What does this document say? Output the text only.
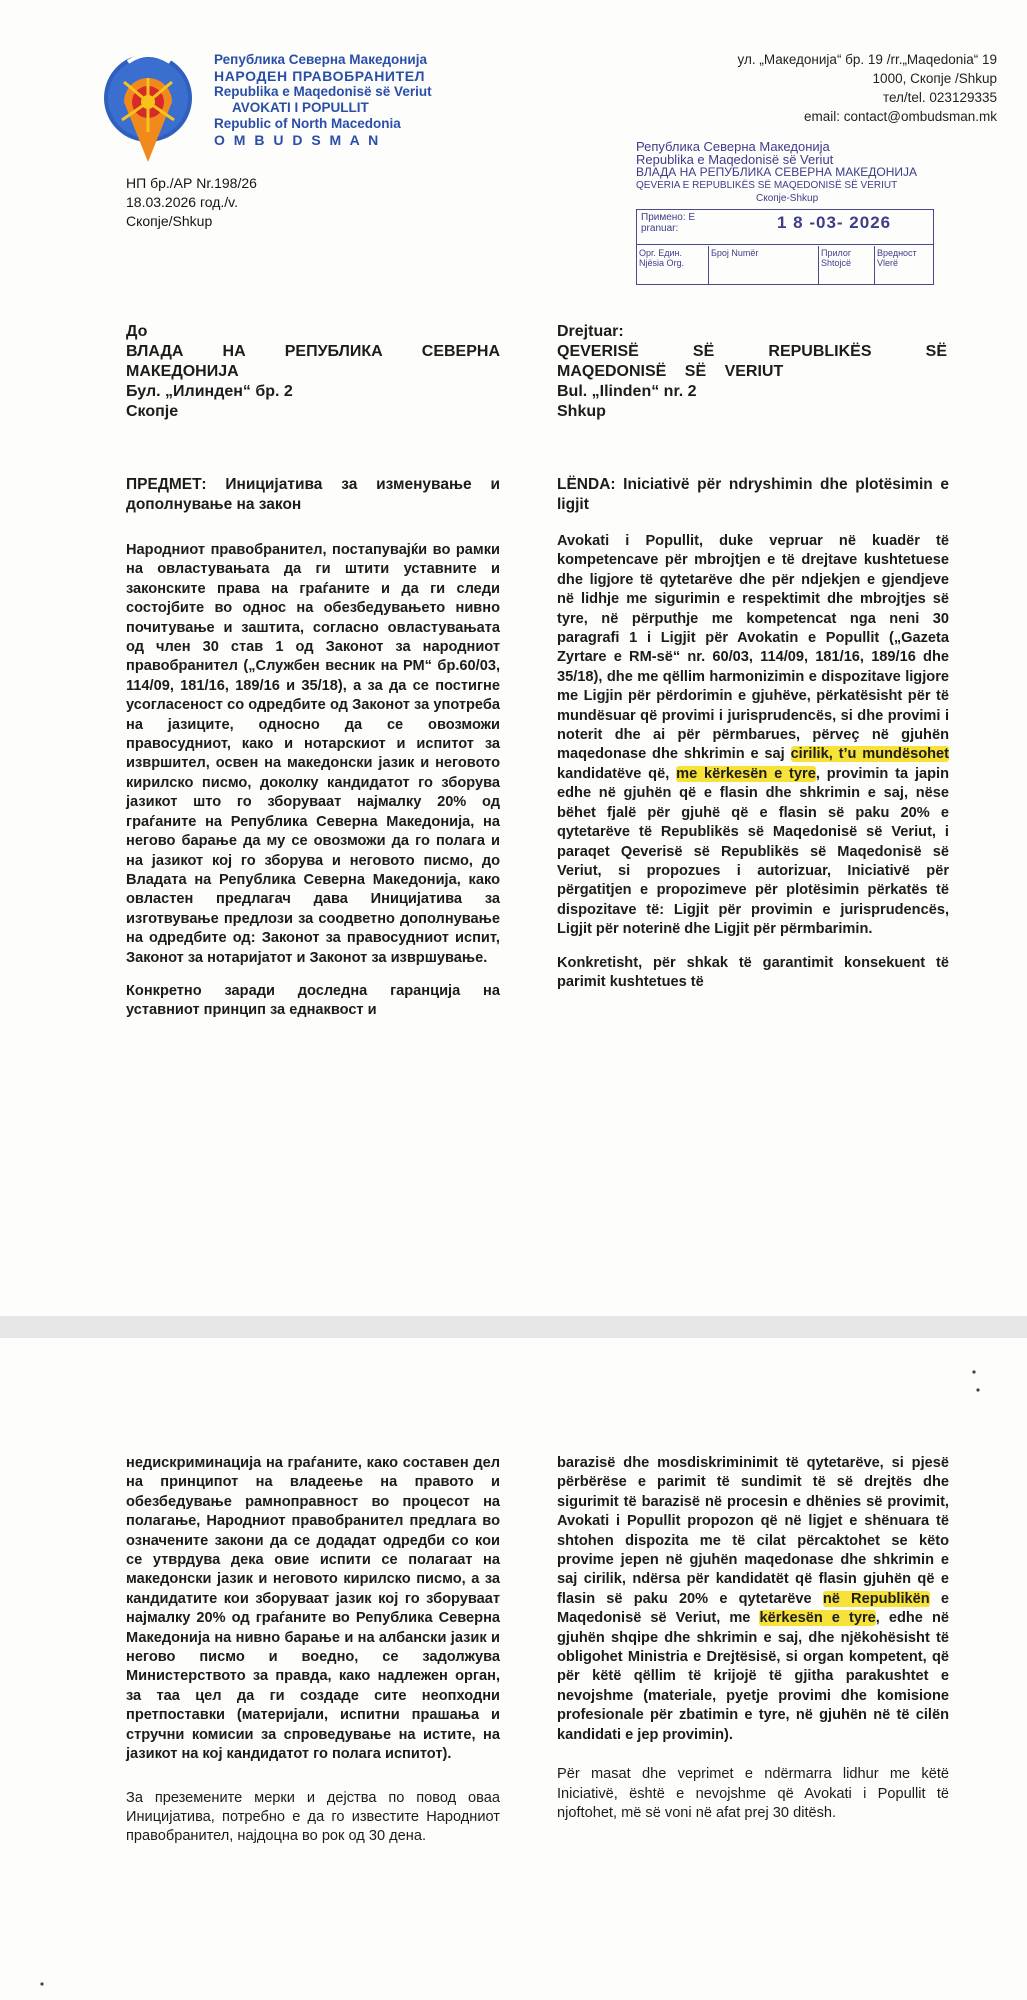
Република Северна Македонија
НАРОДЕН ПРАВОБРАНИТЕЛ
Republika e Maqedonisë së Veriut
AVOKATI I POPULLIT
Republic of North Macedonia
O M B U D S M A N
ул. „Македонија“ бр. 19 /rr.„Maqedonia“ 19
1000, Скопје /Shkup
тел/tel. 023129335
email: contact@ombudsman.mk
НП бр./АР Nr.198/26
18.03.2026 год./v.
Скопје/Shkup
Република Северна Македонија
Republika e Maqedonisë së Veriut
ВЛАДА НА РЕПУБЛИКА СЕВЕРНА МАКЕДОНИЈА
QEVERIA E REPUBLIKËS SË MAQEDONISË SË VERIUT
Скопје-Shkup
Примено: E pranuar:	1 8 -03- 2026
Орг. Един. Njësia Org.
Број Numër	Прилог Shtojcë
Вредност Vlerë
До
ВЛАДА НА РЕПУБЛИКА СЕВЕРНА МАКЕДОНИЈА
Бул. „Илинден“ бр. 2
Скопје
Drejtuar:
QEVERISË SË REPUBLIKËS SË MAQEDONISË SË VERIUT
Bul. „Ilinden“ nr. 2
Shkup
ПРЕДМЕТ: Иницијатива за изменување и дополнување на закон
LËNDA: Iniciativë për ndryshimin dhe plotësimin e ligjit

Народниот правобранител, постапувајќи во рамки на овластувањата да ги штити уставните и законските права на граѓаните и да ги следи состојбите во однос на обезбедувањето нивно почитување и заштита, согласно овластувањата од член 30 став 1 од Законот за народниот правобранител („Службен весник на РМ“ бр.60/03, 114/09, 181/16, 189/16 и 35/18), а за да се постигне усогласеност со одредбите од Законот за употреба на јазиците, односно да се овозможи правосудниот, како и нотарскиот и испитот за извршител, освен на македонски јазик и неговото кирилско писмо, доколку кандидатот го зборува јазикот што го зборуваат најмалку 20% од граѓаните на Република Северна Македонија, на негово барање да му се овозможи да го полага и на јазикот кој го зборува и неговото писмо, до Владата на Република Северна Македонија, како овластен предлагач дава Иницијатива за изготвување предлози за соодветно дополнување на одредбите од: Законот за правосудниот испит, Законот за нотаријатот и Законот за извршување.

Конкретно заради доследна гаранција на уставниот принцип за еднаквост и

Avokati i Popullit, duke vepruar në kuadër të kompetencave për mbrojtjen e të drejtave kushtetuese dhe ligjore të qytetarëve dhe për ndjekjen e gjendjeve në lidhje me sigurimin e respektimit dhe mbrojtjes së tyre, në përputhje me kompetencat nga neni 30 paragrafi 1 i Ligjit për Avokatin e Popullit („Gazeta Zyrtare e RM-së“ nr. 60/03, 114/09, 181/16, 189/16 dhe 35/18), dhe me qëllim harmonizimin e dispozitave ligjore me Ligjin për përdorimin e gjuhëve, përkatësisht për të mundësuar që provimi i jurisprudencës, si dhe provimi i noterit dhe ai për përmbarues, përveç në gjuhën maqedonase dhe shkrimin e saj cirilik, t’u mundësohet kandidatëve që, me kërkesën e tyre, provimin ta japin edhe në gjuhën që e flasin dhe shkrimin e saj, nëse bëhet fjalë për gjuhë që e flasin së paku 20% e qytetarëve të Republikës së Maqedonisë së Veriut, i paraqet Qeverisë së Republikës së Maqedonisë së Veriut, si propozues i autorizuar, Iniciativë për përgatitjen e propozimeve për plotësimin përkatës të dispozitave të: Ligjit për provimin e jurisprudencës, Ligjit për noterinë dhe Ligjit për përmbarimin.

Konkretisht, për shkak të garantimit konsekuent të parimit kushtetues të

недискриминација на граѓаните, како составен дел на принципот на владеење на правото и обезбедување рамноправност во процесот на полагање, Народниот правобранител предлага во означените закони да се додадат одредби со кои се утврдува дека овие испити се полагаат на македонски јазик и неговото кирилско писмо, а за кандидатите кои зборуваат јазик кој го зборуваат најмалку 20% од граѓаните во Република Северна Македонија на нивно барање и на албански јазик и негово писмо и воедно, се задолжува Министерството за правда, како надлежен орган, за таа цел да ги создаде сите неопходни претпоставки (материјали, испитни прашања и стручни комисии за спроведување на истите, на јазикот на кој кандидатот го полага испитот).

За преземените мерки и дејства по повод оваа Иницијатива, потребно е да го известите Народниот правобранител, најдоцна во рок од 30 дена.

barazisë dhe mosdiskriminimit të qytetarëve, si pjesë përbërëse e parimit të sundimit të së drejtës dhe sigurimit të barazisë në procesin e dhënies së provimit, Avokati i Popullit propozon që në ligjet e shënuara të shtohen dispozita me të cilat përcaktohet se këto provime jepen në gjuhën maqedonase dhe shkrimin e saj cirilik, ndërsa për kandidatët që flasin gjuhën që e flasin së paku 20% e qytetarëve në Republikën e Maqedonisë së Veriut, me kërkesën e tyre, edhe në gjuhën shqipe dhe shkrimin e saj, dhe njëkohësisht të obligohet Ministria e Drejtësisë, si organ kompetent, që për këtë qëllim të krijojë të gjitha parakushtet e nevojshme (materiale, pyetje provimi dhe komisione profesionale për zbatimin e tyre, në gjuhën në të cilën kandidati e jep provimin).

Për masat dhe veprimet e ndërmarra lidhur me këtë Iniciativë, është e nevojshme që Avokati i Popullit të njoftohet, më së voni në afat prej 30 ditësh.
